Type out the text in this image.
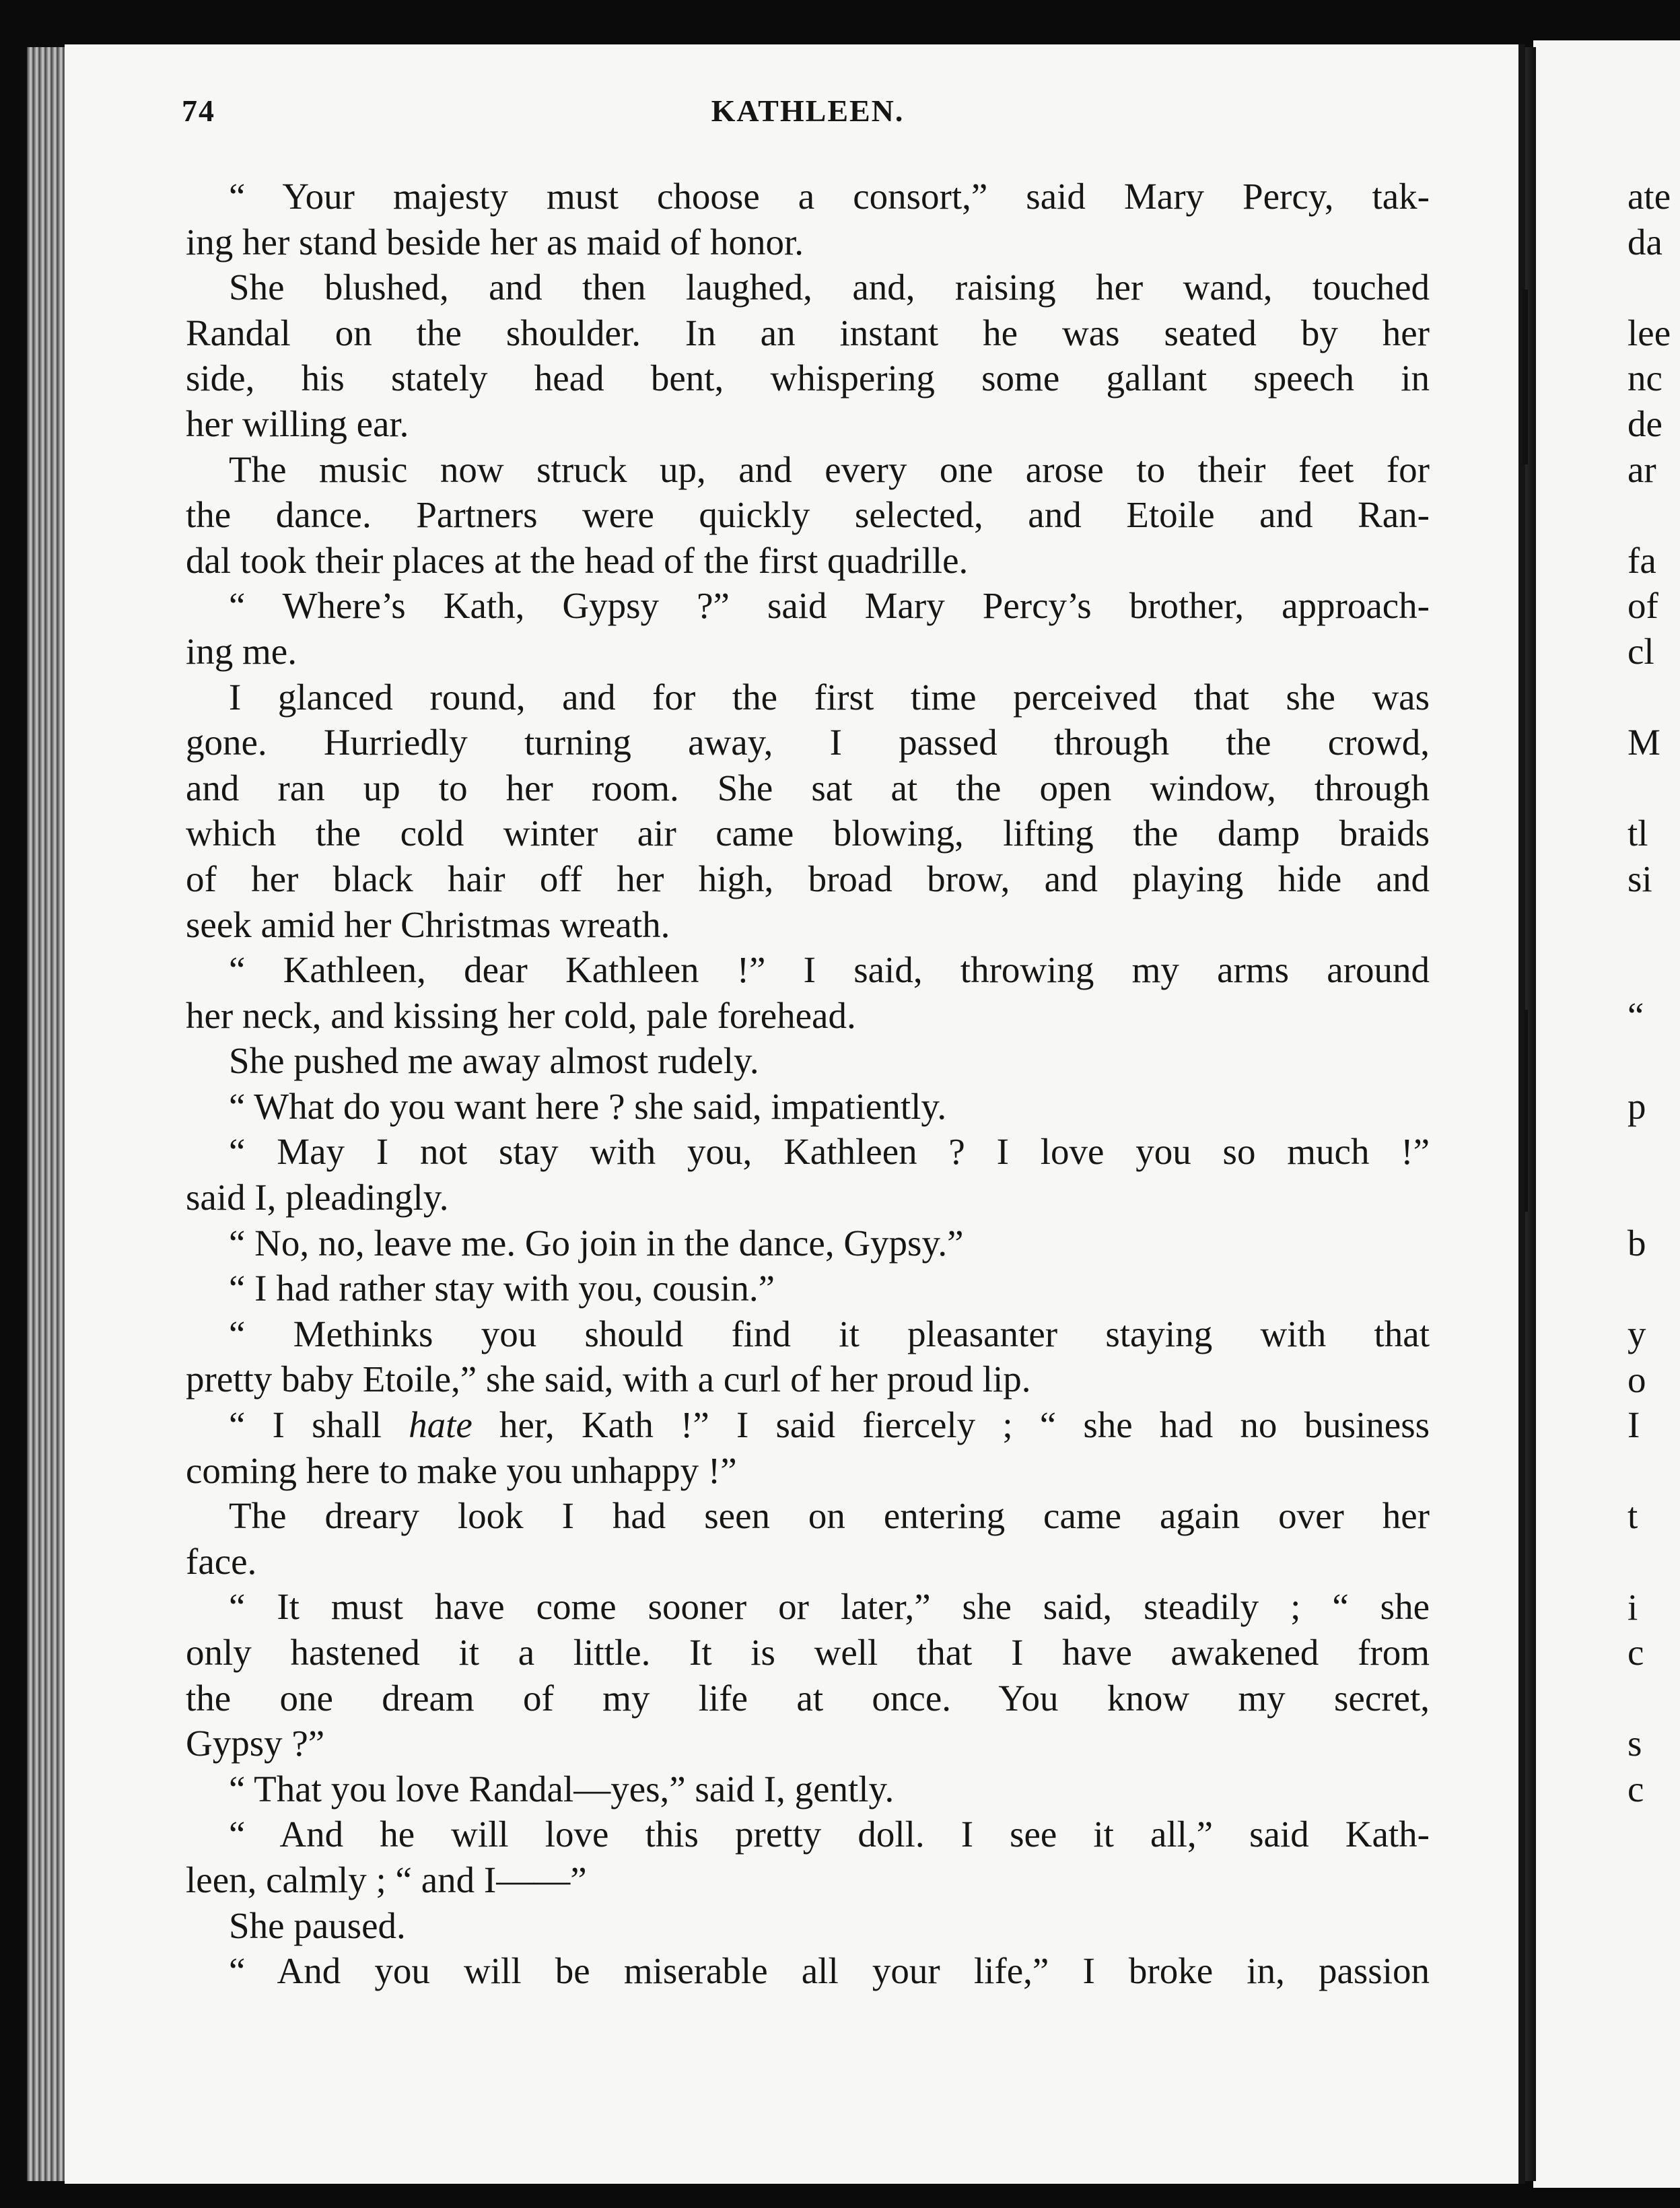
74	KATHLEEN.
“ Your majesty must choose a consort,” said Mary Percy, tak-
ing her stand beside her as maid of honor.
She blushed, and then laughed, and, raising her wand, touched
Randal on the shoulder. In an instant he was seated by her
side, his stately head bent, whispering some gallant speech in
her willing ear.
The music now struck up, and every one arose to their feet for
the dance. Partners were quickly selected, and Etoile and Ran-
dal took their places at the head of the first quadrille.
“ Where’s Kath, Gypsy ?” said Mary Percy’s brother, approach-
ing me.
I glanced round, and for the first time perceived that she was
gone. Hurriedly turning away, I passed through the crowd,
and ran up to her room. She sat at the open window, through
which the cold winter air came blowing, lifting the damp braids
of her black hair off her high, broad brow, and playing hide and
seek amid her Christmas wreath.
“ Kathleen, dear Kathleen !” I said, throwing my arms around
her neck, and kissing her cold, pale forehead.
She pushed me away almost rudely.
“ What do you want here ? she said, impatiently.
“ May I not stay with you, Kathleen ? I love you so much !”
said I, pleadingly.
“ No, no, leave me. Go join in the dance, Gypsy.”
“ I had rather stay with you, cousin.”
“ Methinks you should find it pleasanter staying with that
pretty baby Etoile,” she said, with a curl of her proud lip.
“ I shall hate her, Kath !” I said fiercely ; “ she had no business
coming here to make you unhappy !”
The dreary look I had seen on entering came again over her
face.
“ It must have come sooner or later,” she said, steadily ; “ she
only hastened it a little. It is well that I have awakened from
the one dream of my life at once. You know my secret,
Gypsy ?”
“ That you love Randal—yes,” said I, gently.
“ And he will love this pretty doll. I see it all,” said Kath-
leen, calmly ; “ and I——”
She paused.
“ And you will be miserable all your life,” I broke in, passion
ate
da
lee
nc
de
ar
fa
of
cl
M
tl
si
“
p
b
y
o
I
t
i
c
s
c
